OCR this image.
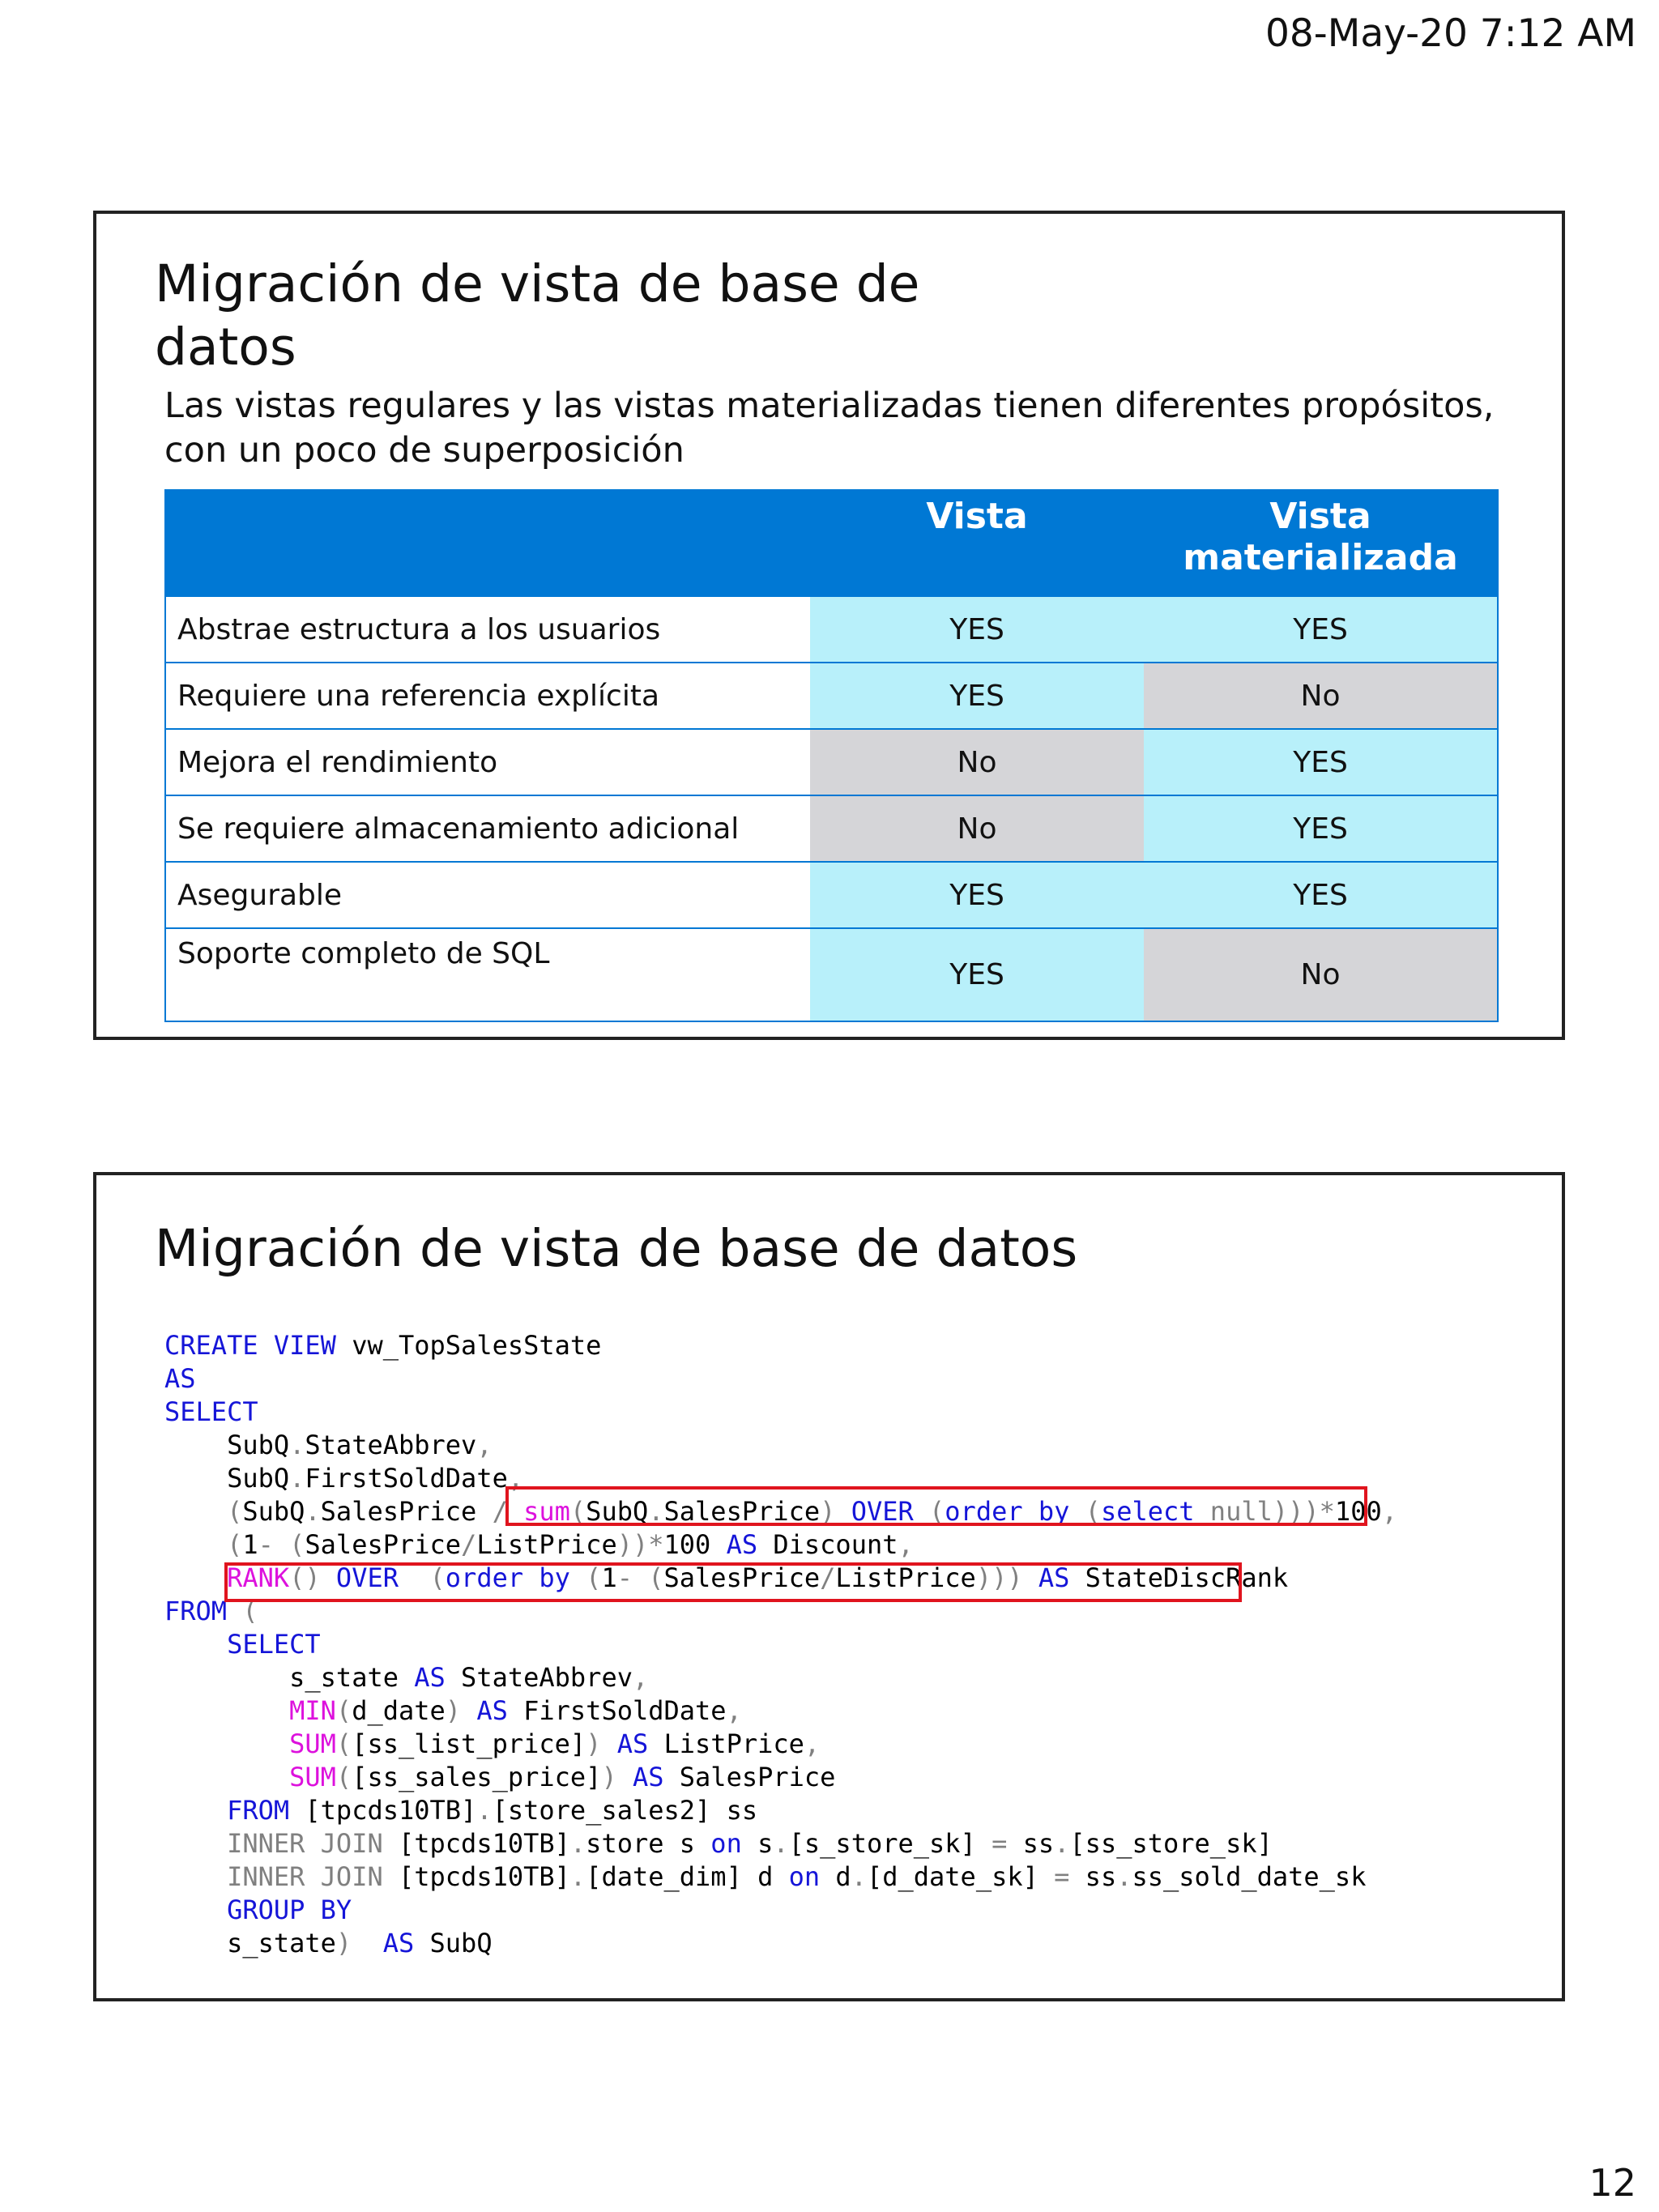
08-May-20 7:12 AM
Migración de vista de base de datos
Las vistas regulares y las vistas materializadas tienen diferentes propósitos, con un poco de superposición
	Vista	Vista materializada
Abstrae estructura a los usuarios	YES	YES
Requiere una referencia explícita	YES	No
Mejora el rendimiento	No	YES
Se requiere almacenamiento adicional	No	YES
Asegurable	YES	YES
Soporte completo de SQL	YES	No
Migración de vista de base de datos
CREATE VIEW vw_TopSalesState
AS
SELECT
SubQ.StateAbbrev,
SubQ.FirstSoldDate,
(SubQ.SalesPrice / sum(SubQ.SalesPrice) OVER (order by (select null)))*100,
(1- (SalesPrice/ListPrice))*100 AS Discount,
RANK() OVER (order by (1- (SalesPrice/ListPrice))) AS StateDiscRank
FROM (
SELECT
s_state AS StateAbbrev,
MIN(d_date) AS FirstSoldDate,
SUM([ss_list_price]) AS ListPrice,
SUM([ss_sales_price]) AS SalesPrice
FROM [tpcds10TB].[store_sales2] ss
INNER JOIN [tpcds10TB].store s on s.[s_store_sk] = ss.[ss_store_sk]
INNER JOIN [tpcds10TB].[date_dim] d on d.[d_date_sk] = ss.ss_sold_date_sk
GROUP BY
s_state)  AS SubQ
12
